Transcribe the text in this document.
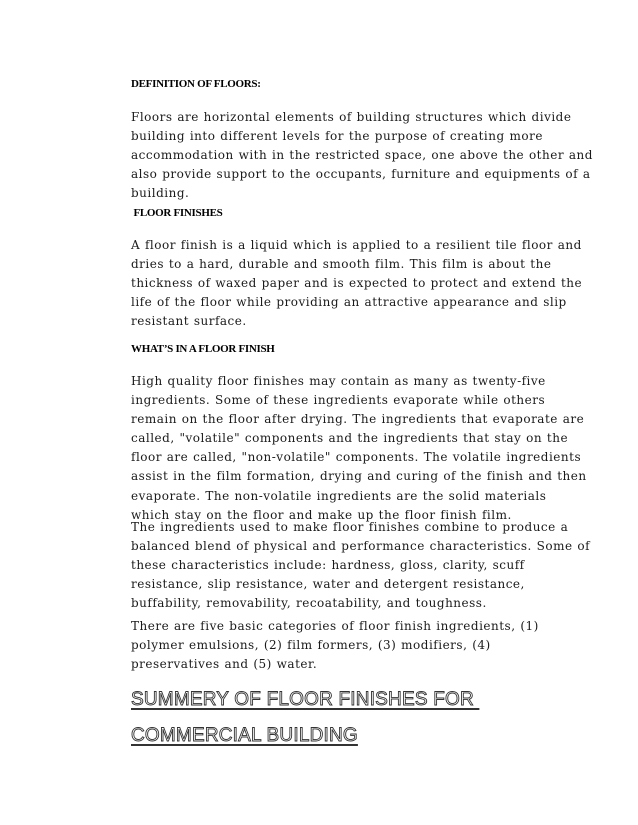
DEFINITION OF FLOORS:
Floors are horizontal elements of building structures which divide
building into different levels for the purpose of creating more
accommodation with in the restricted space, one above the other and
also provide support to the occupants, furniture and equipments of a
building.
FLOOR FINISHES
A floor finish is a liquid which is applied to a resilient tile floor and
dries to a hard, durable and smooth film. This film is about the
thickness of waxed paper and is expected to protect and extend the
life of the floor while providing an attractive appearance and slip
resistant surface.
WHAT’S IN A FLOOR FINISH
High quality floor finishes may contain as many as twenty-five
ingredients. Some of these ingredients evaporate while others
remain on the floor after drying. The ingredients that evaporate are
called, "volatile" components and the ingredients that stay on the
floor are called, "non-volatile" components. The volatile ingredients
assist in the film formation, drying and curing of the finish and then
evaporate. The non-volatile ingredients are the solid materials
which stay on the floor and make up the floor finish film.
The ingredients used to make floor finishes combine to produce a
balanced blend of physical and performance characteristics. Some of
these characteristics include: hardness, gloss, clarity, scuff
resistance, slip resistance, water and detergent resistance,
buffability, removability, recoatability, and toughness.
There are five basic categories of floor finish ingredients, (1)
polymer emulsions, (2) film formers, (3) modifiers, (4)
preservatives and (5) water.
SUMMERY OF FLOOR FINISHES FOR
COMMERCIAL BUILDING
